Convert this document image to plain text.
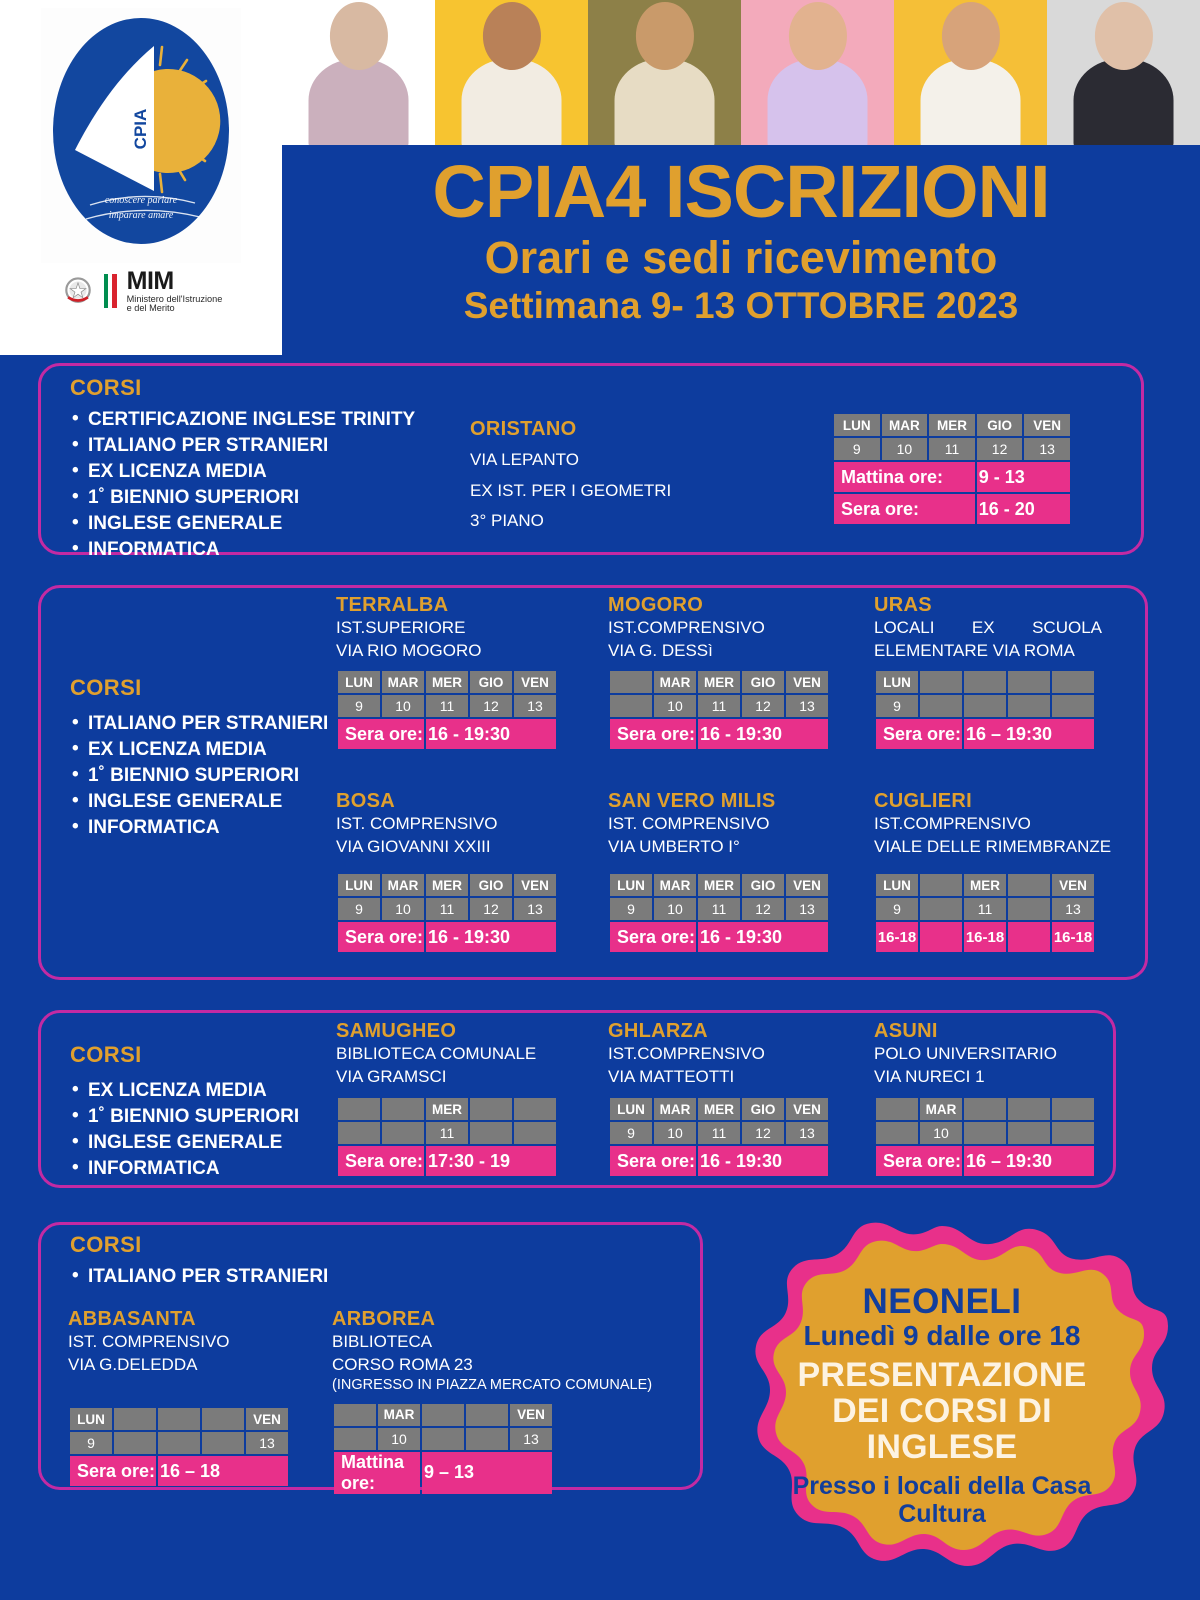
CPIA
conoscere parlare
imparare amare
MIM
Ministero dell'Istruzione
e del Merito
CPIA4 ISCRIZIONI
Orari e sedi ricevimento
Settimana 9- 13 OTTOBRE 2023
CORSI
• CERTIFICAZIONE INGLESE TRINITY
• ITALIANO PER STRANIERI
• EX LICENZA MEDIA
• 1˚ BIENNIO SUPERIORI
• INGLESE GENERALE
• INFORMATICA
ORISTANO
VIA LEPANTO
EX IST. PER I GEOMETRI
3° PIANO
LUN	MAR	MER	GIO	VEN
9	10	11	12	13
Mattina ore:			9 - 13	
Sera ore:			16 - 20	
CORSI
• ITALIANO PER STRANIERI
• EX LICENZA MEDIA
• 1˚ BIENNIO SUPERIORI
• INGLESE GENERALE
• INFORMATICA
TERRALBA
IST.SUPERIORE
VIA RIO MOGORO
LUN	MAR	MER	GIO	VEN
9	10	11	12	13
Sera ore:		16 - 19:30		
MOGORO
IST.COMPRENSIVO
VIA G. DESSì
	MAR	MER	GIO	VEN
	10	11	12	13
Sera ore:		16 - 19:30		
URAS
LOCALI EX SCUOLA
ELEMENTARE VIA ROMA
LUN				
9				
Sera ore:		16 – 19:30		
BOSA
IST. COMPRENSIVO
VIA GIOVANNI XXIII
LUN	MAR	MER	GIO	VEN
9	10	11	12	13
Sera ore:		16 - 19:30		
SAN VERO MILIS
IST. COMPRENSIVO
VIA UMBERTO I°
LUN	MAR	MER	GIO	VEN
9	10	11	12	13
Sera ore:		16 - 19:30		
CUGLIERI
IST.COMPRENSIVO
VIALE DELLE RIMEMBRANZE
LUN		MER		VEN
9		11		13
16-18		16-18		16-18
CORSI
• EX LICENZA MEDIA
• 1˚ BIENNIO SUPERIORI
• INGLESE GENERALE
• INFORMATICA
SAMUGHEO
BIBLIOTECA COMUNALE
VIA GRAMSCI
		MER		
		11		
Sera ore:		17:30 - 19		
GHLARZA
IST.COMPRENSIVO
VIA MATTEOTTI
LUN	MAR	MER	GIO	VEN
9	10	11	12	13
Sera ore:		16 - 19:30		
ASUNI
POLO UNIVERSITARIO
VIA NURECI 1
	MAR			
	10			
Sera ore:		16 – 19:30		
CORSI
• ITALIANO PER STRANIERI
ABBASANTA
IST. COMPRENSIVO
VIA G.DELEDDA
LUN				VEN
9				13
Sera ore:		16 – 18		
ARBOREA
BIBLIOTECA
CORSO ROMA 23
(INGRESSO IN PIAZZA MERCATO COMUNALE)
	MAR			VEN
	10			13
Mattina ore:		9 – 13		
NEONELI
Lunedì 9 dalle ore 18
PRESENTAZIONE
DEI CORSI DI
INGLESE
Presso i locali della Casa
Cultura
